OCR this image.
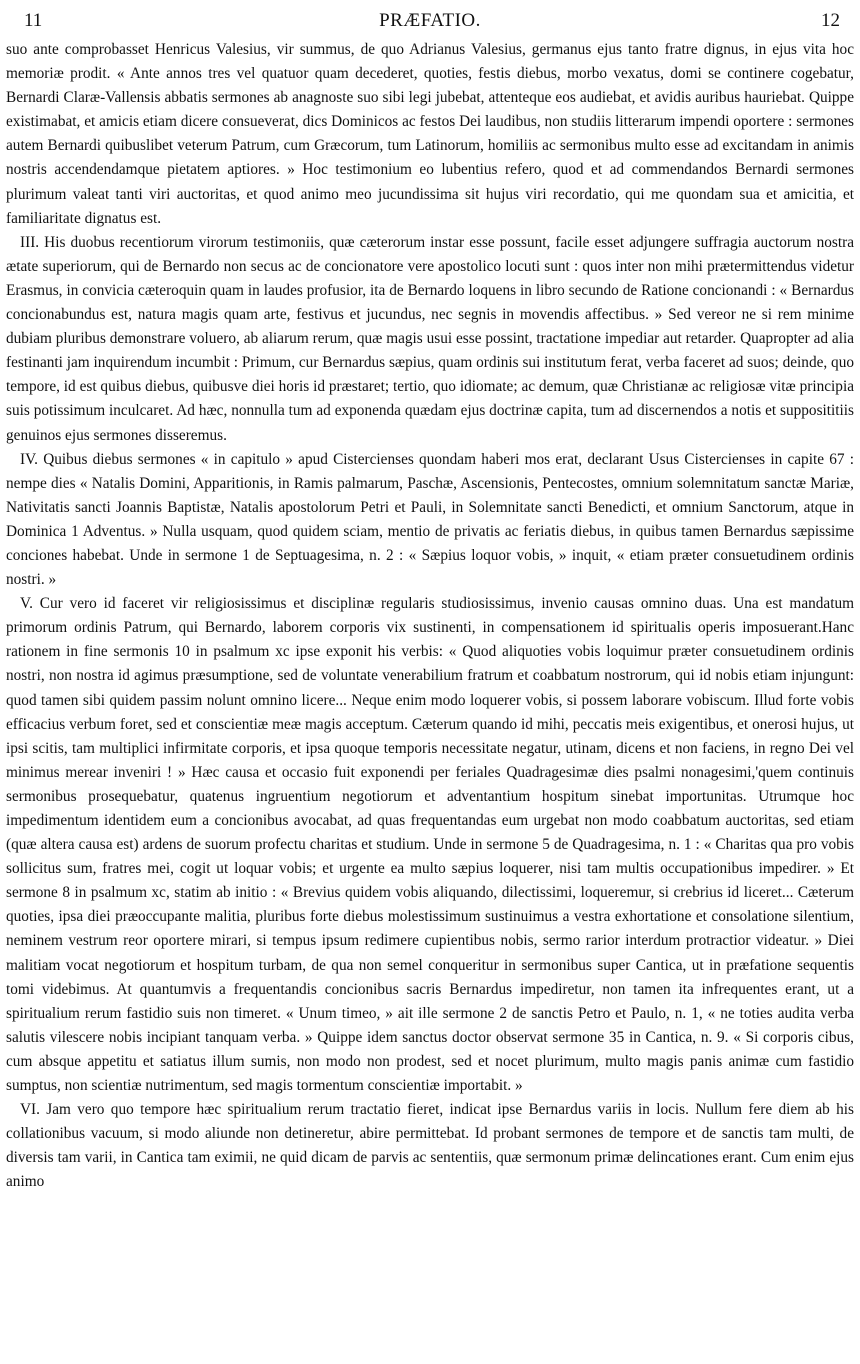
11	PRÆFATIO.	12

suo ante comprobasset Henricus Valesius, vir summus, de quo Adrianus Valesius, germanus ejus tanto fratre dignus, in ejus vita hoc memoriæ prodit. « Ante annos tres vel quatuor quam decederet, quoties, festis diebus, morbo vexatus, domi se continere cogebatur, Bernardi Claræ-Vallensis abbatis sermones ab anagnoste suo sibi legi jubebat, attenteque eos audiebat, et avidis auribus hauriebat. Quippe existimabat, et amicis etiam dicere consueverat, dics Dominicos ac festos Dei laudibus, non studiis litterarum impendi oportere : sermones autem Bernardi quibuslibet veterum Patrum, cum Græcorum, tum Latinorum, homiliis ac sermonibus multo esse ad excitandam in animis nostris accendendamque pietatem aptiores. » Hoc testimonium eo lubentius refero, quod et ad commendandos Bernardi sermones plurimum valeat tanti viri auctoritas, et quod animo meo jucundissima sit hujus viri recordatio, qui me quondam sua et amicitia, et familiaritate dignatus est.

III. His duobus recentiorum virorum testimoniis, quæ cæterorum instar esse possunt, facile esset adjungere suffragia auctorum nostra ætate superiorum, qui de Bernardo non secus ac de concionatore vere apostolico locuti sunt : quos inter non mihi prætermittendus videtur Erasmus, in convicia cæteroquin quam in laudes profusior, ita de Bernardo loquens in libro secundo de Ratione concionandi : « Bernardus concionabundus est, natura magis quam arte, festivus et jucundus, nec segnis in movendis affectibus. » Sed vereor ne si rem minime dubiam pluribus demonstrare voluero, ab aliarum rerum, quæ magis usui esse possint, tractatione impediar aut retarder. Quapropter ad alia festinanti jam inquirendum incumbit : Primum, cur Bernardus sæpius, quam ordinis sui institutum ferat, verba faceret ad suos; deinde, quo tempore, id est quibus diebus, quibusve diei horis id præstaret; tertio, quo idiomate; ac demum, quæ Christianæ ac religiosæ vitæ principia suis potissimum inculcaret. Ad hæc, nonnulla tum ad exponenda quædam ejus doctrinæ capita, tum ad discernendos a notis et supposititiis genuinos ejus sermones disseremus.

IV. Quibus diebus sermones « in capitulo » apud Cistercienses quondam haberi mos erat, declarant Usus Cistercienses in capite 67 : nempe dies « Natalis Domini, Apparitionis, in Ramis palmarum, Paschæ, Ascensionis, Pentecostes, omnium solemnitatum sanctæ Mariæ, Nativitatis sancti Joannis Baptistæ, Natalis apostolorum Petri et Pauli, in Solemnitate sancti Benedicti, et omnium Sanctorum, atque in Dominica 1 Adventus. » Nulla usquam, quod quidem sciam, mentio de privatis ac feriatis diebus, in quibus tamen Bernardus sæpissime conciones habebat. Unde in sermone 1 de Septuagesima, n. 2 : « Sæpius loquor vobis, » inquit, « etiam præter consuetudinem ordinis nostri. »

V. Cur vero id faceret vir religiosissimus et disciplinæ regularis studiosissimus, invenio causas omnino duas. Una est mandatum primorum ordinis Patrum, qui Bernardo, laborem corporis vix sustinenti, in compensationem id spiritualis operis imposuerant.Hanc rationem in fine sermonis 10 in psalmum xc ipse exponit his verbis: « Quod aliquoties vobis loquimur præter consuetudinem ordinis nostri, non nostra id agimus præsumptione, sed de voluntate venerabilium fratrum et coabbatum nostrorum, qui id nobis etiam injungunt: quod tamen sibi quidem passim nolunt omnino licere... Neque enim modo loquerer vobis, si possem laborare vobiscum. Illud forte vobis efficacius verbum foret, sed et conscientiæ meæ magis acceptum. Cæterum quando id mihi, peccatis meis exigentibus, et onerosi hujus, ut ipsi scitis, tam multiplici infirmitate corporis, et ipsa quoque temporis necessitate negatur, utinam, dicens et non faciens, in regno Dei vel minimus merear inveniri ! » Hæc causa et occasio fuit exponendi per feriales Quadragesimæ dies psalmi nonagesimi,'quem continuis sermonibus prosequebatur, quatenus ingruentium negotiorum et adventantium hospitum sinebat importunitas. Utrumque hoc impedimentum identidem eum a concionibus avocabat, ad quas frequentandas eum urgebat non modo coabbatum auctoritas, sed etiam (quæ altera causa est) ardens de suorum profectu charitas et studium. Unde in sermone 5 de Quadragesima, n. 1 : « Charitas qua pro vobis sollicitus sum, fratres mei, cogit ut loquar vobis; et urgente ea multo sæpius loquerer, nisi tam multis occupationibus impedirer. » Et sermone 8 in psalmum xc, statim ab initio : « Brevius quidem vobis aliquando, dilectissimi, loqueremur, si crebrius id liceret... Cæterum quoties, ipsa diei præoccupante malitia, pluribus forte diebus molestissimum sustinuimus a vestra exhortatione et consolatione silentium, neminem vestrum reor oportere mirari, si tempus ipsum redimere cupientibus nobis, sermo rarior interdum protractior videatur. » Diei malitiam vocat negotiorum et hospitum turbam, de qua non semel conqueritur in sermonibus super Cantica, ut in præfatione sequentis tomi videbimus. At quantumvis a frequentandis concionibus sacris Bernardus impediretur, non tamen ita infrequentes erant, ut a spiritualium rerum fastidio suis non timeret. « Unum timeo, » ait ille sermone 2 de sanctis Petro et Paulo, n. 1, « ne toties audita verba salutis vilescere nobis incipiant tanquam verba. » Quippe idem sanctus doctor observat sermone 35 in Cantica, n. 9. « Si corporis cibus, cum absque appetitu et satiatus illum sumis, non modo non prodest, sed et nocet plurimum, multo magis panis animæ cum fastidio sumptus, non scientiæ nutrimentum, sed magis tormentum conscientiæ importabit. »

VI. Jam vero quo tempore hæc spiritualium rerum tractatio fieret, indicat ipse Bernardus variis in locis. Nullum fere diem ab his collationibus vacuum, si modo aliunde non detineretur, abire permittebat. Id probant sermones de tempore et de sanctis tam multi, de diversis tam varii, in Cantica tam eximii, ne quid dicam de parvis ac sententiis, quæ sermonum primæ delincationes erant. Cum enim ejus animo
